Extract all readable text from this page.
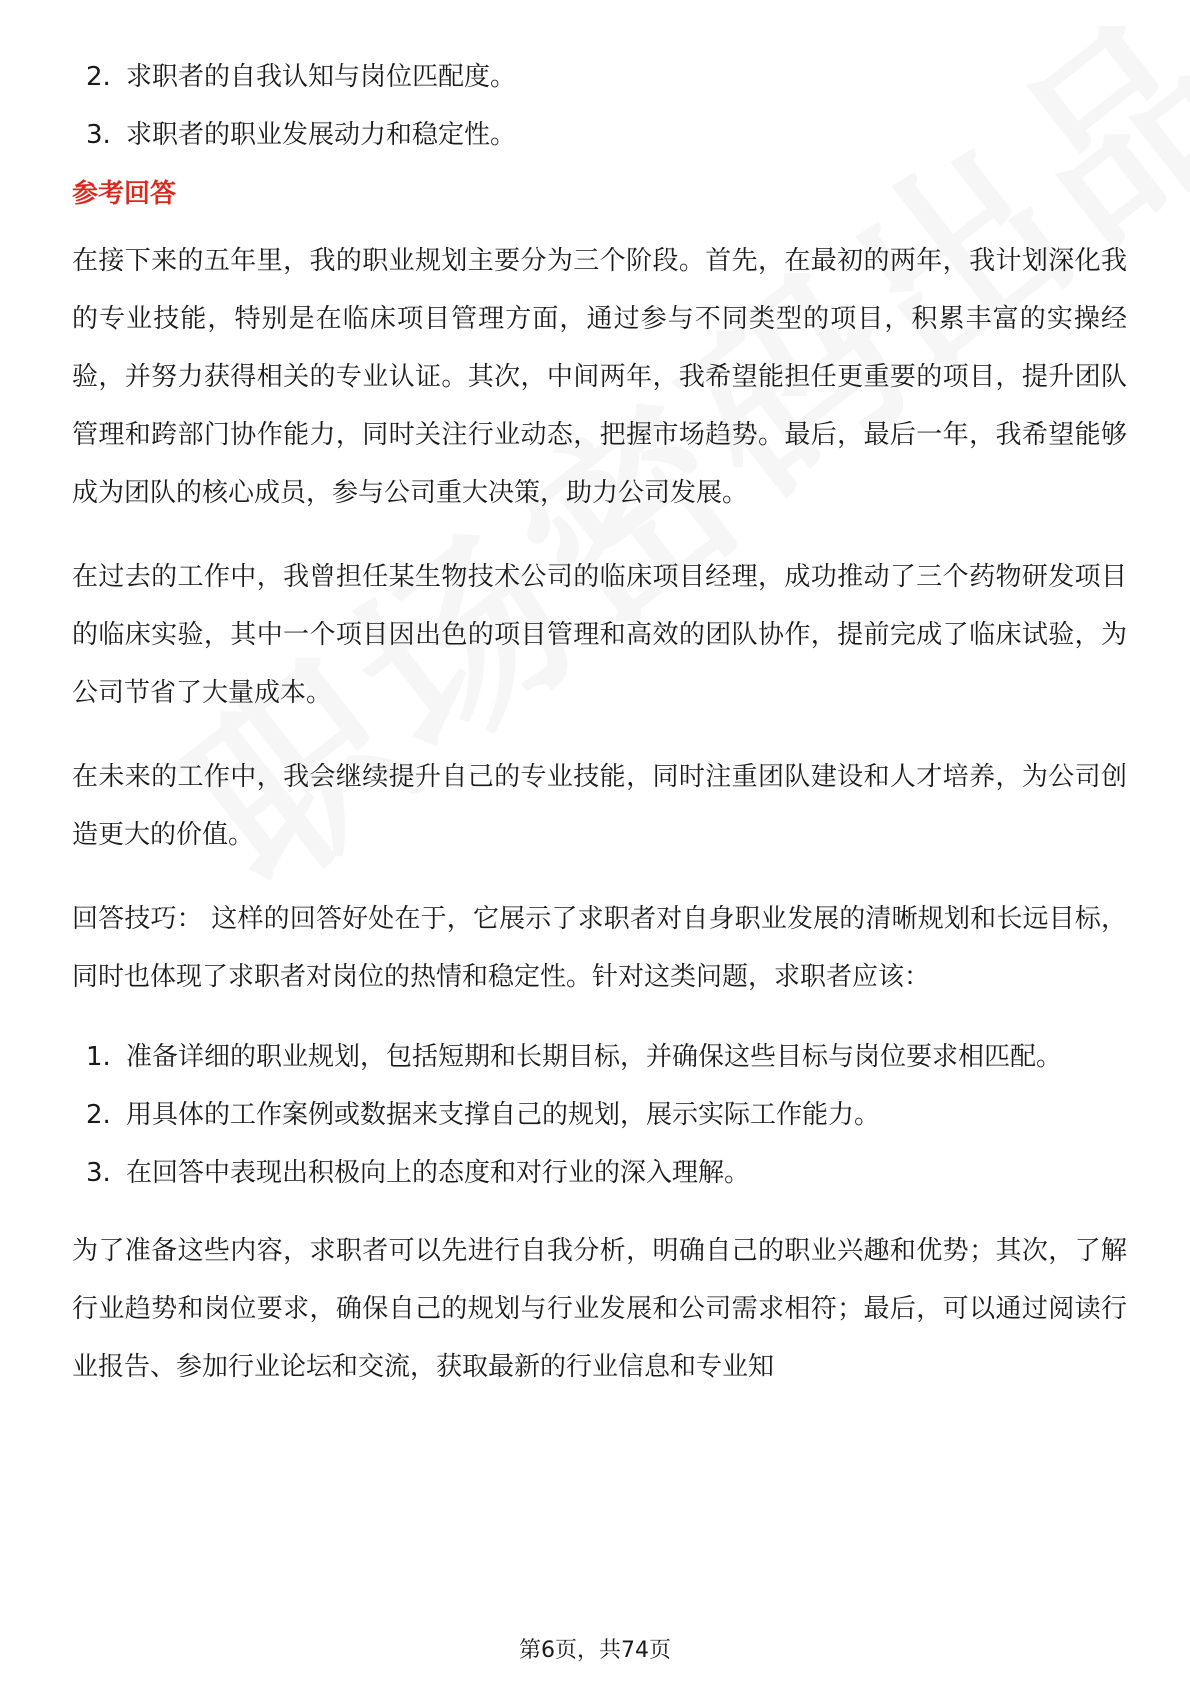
2. 求职者的自我认知与岗位匹配度。
3. 求职者的职业发展动力和稳定性。
参考回答

在接下来的五年里，我的职业规划主要分为三个阶段。首先，在最初的两年，我计划深化我的专业技能，特别是在临床项目管理方面，通过参与不同类型的项目，积累丰富的实操经验，并努力获得相关的专业认证。其次，中间两年，我希望能担任更重要的项目，提升团队管理和跨部门协作能力，同时关注行业动态，把握市场趋势。最后，最后一年，我希望能够成为团队的核心成员，参与公司重大决策，助力公司发展。

在过去的工作中，我曾担任某生物技术公司的临床项目经理，成功推动了三个药物研发项目的临床实验，其中一个项目因出色的项目管理和高效的团队协作，提前完成了临床试验，为公司节省了大量成本。

在未来的工作中，我会继续提升自己的专业技能，同时注重团队建设和人才培养，为公司创造更大的价值。

回答技巧： 这样的回答好处在于，它展示了求职者对自身职业发展的清晰规划和长远目标，同时也体现了求职者对岗位的热情和稳定性。针对这类问题，求职者应该：

1. 准备详细的职业规划，包括短期和长期目标，并确保这些目标与岗位要求相匹配。
2. 用具体的工作案例或数据来支撑自己的规划，展示实际工作能力。
3. 在回答中表现出积极向上的态度和对行业的深入理解。

为了准备这些内容，求职者可以先进行自我分析，明确自己的职业兴趣和优势；其次，了解行业趋势和岗位要求，确保自己的规划与行业发展和公司需求相符；最后，可以通过阅读行业报告、参加行业论坛和交流，获取最新的行业信息和专业知

第6页，共74页
